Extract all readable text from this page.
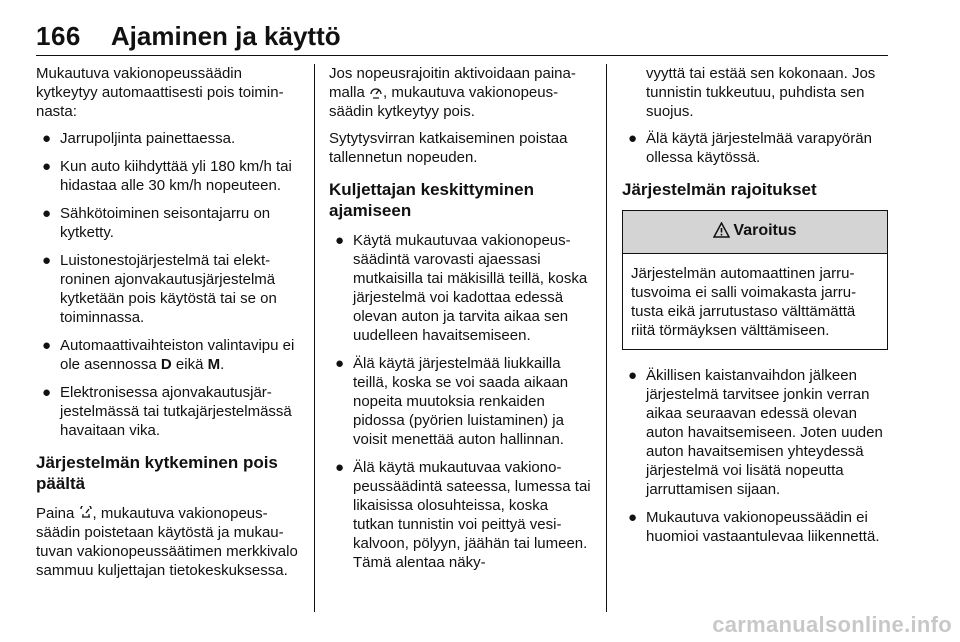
166 Ajaminen ja käyttö

Mukautuva vakionopeussäädin kytkeytyy automaattisesti pois toiminnasta:

● Jarrupoljinta painettaessa.
● Kun auto kiihdyttää yli 180 km/h tai hidastaa alle 30 km/h nopeuteen.
● Sähkötoiminen seisontajarru on kytketty.
● Luistonestojärjestelmä tai elektroninen ajonvakautusjärjestelmä kytketään pois käytöstä tai se on toiminnassa.
● Automaattivaihteiston valintavipu ei ole asennossa D eikä M.
● Elektronisessa ajonvakautusjärjestelmässä tai tutkajärjestelmässä havaitaan vika.
Järjestelmän kytkeminen pois päältä

Paina , mukautuva vakionopeussäädin poistetaan käytöstä ja mukautuvan vakionopeussäätimen merkkivalo sammuu kuljettajan tietokeskuksessa.

Jos nopeusrajoitin aktivoidaan painamalla , mukautuva vakionopeussäädin kytkeytyy pois.

Sytytysvirran katkaiseminen poistaa tallennetun nopeuden.

Kuljettajan keskittyminen ajamiseen
● Käytä mukautuvaa vakionopeussäädintä varovasti ajaessasi mutkaisilla tai mäkisillä teillä, koska järjestelmä voi kadottaa edessä olevan auton ja tarvita aikaa sen uudelleen havaitsemiseen.
● Älä käytä järjestelmää liukkailla teillä, koska se voi saada aikaan nopeita muutoksia renkaiden pidossa (pyörien luistaminen) ja voisit menettää auton hallinnan.
● Älä käytä mukautuvaa vakionopeussäädintä sateessa, lumessa tai likaisissa olosuhteissa, koska tutkan tunnistin voi peittyä vesikalvoon, pölyyn, jäähän tai lumeen. Tämä alentaa näky-

vyyttä tai estää sen kokonaan. Jos tunnistin tukkeutuu, puhdista sen suojus.

● Älä käytä järjestelmää varapyörän ollessa käytössä.
Järjestelmän rajoitukset
Varoitus
Järjestelmän automaattinen jarrutusvoima ei salli voimakasta jarrutusta eikä jarrutustaso välttämättä riitä törmäyksen välttämiseen.
● Äkillisen kaistanvaihdon jälkeen järjestelmä tarvitsee jonkin verran aikaa seuraavan edessä olevan auton havaitsemiseen. Joten uuden auton havaitsemisen yhteydessä järjestelmä voi lisätä nopeutta jarruttamisen sijaan.
● Mukautuva vakionopeussäädin ei huomioi vastaantulevaa liikennettä.
carmanualsonline.info
